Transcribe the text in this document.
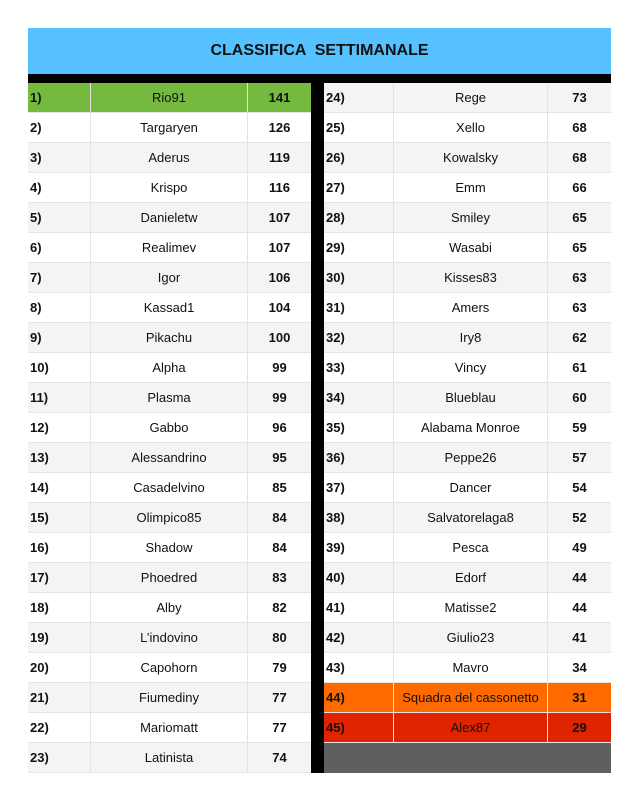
CLASSIFICA  SETTIMANALE
1)	Rio91	141
2)	Targaryen	126
3)	Aderus	119
4)	Krispo	116
5)	Danieletw	107
6)	Realimev	107
7)	Igor	106
8)	Kassad1	104
9)	Pikachu	100
10)	Alpha	99
11)	Plasma	99
12)	Gabbo	96
13)	Alessandrino	95
14)	Casadelvino	85
15)	Olimpico85	84
16)	Shadow	84
17)	Phoedred	83
18)	Alby	82
19)	L’indovino	80
20)	Capohorn	79
21)	Fiumediny	77
22)	Mariomatt	77
23)	Latinista	74
24)	Rege	73
25)	Xello	68
26)	Kowalsky	68
27)	Emm	66
28)	Smiley	65
29)	Wasabi	65
30)	Kisses83	63
31)	Amers	63
32)	Iry8	62
33)	Vincy	61
34)	Blueblau	60
35)	Alabama Monroe	59
36)	Peppe26	57
37)	Dancer	54
38)	Salvatorelaga8	52
39)	Pesca	49
40)	Edorf	44
41)	Matisse2	44
42)	Giulio23	41
43)	Mavro	34
44)	Squadra del cassonetto	31
45)	Alex87	29
